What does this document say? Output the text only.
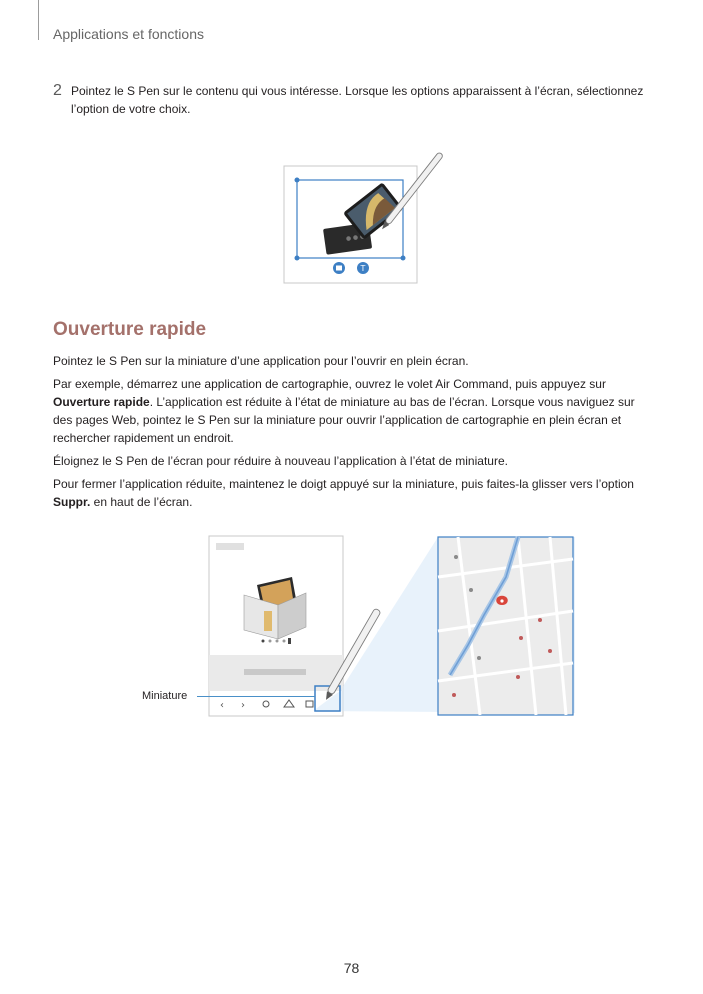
Applications et fonctions
2 Pointez le S Pen sur le contenu qui vous intéresse. Lorsque les options apparaissent à l’écran, sélectionnez l’option de votre choix.
T
Ouverture rapide

Pointez le S Pen sur la miniature d’une application pour l’ouvrir en plein écran.

Par exemple, démarrez une application de cartographie, ouvrez le volet Air Command, puis appuyez sur Ouverture rapide. L’application est réduite à l’état de miniature au bas de l’écran. Lorsque vous naviguez sur des pages Web, pointez le S Pen sur la miniature pour ouvrir l’application de cartographie en plein écran et rechercher rapidement un endroit.

Éloignez le S Pen de l’écran pour réduire à nouveau l’application à l’état de miniature.

Pour fermer l’application réduite, maintenez le doigt appuyé sur la miniature, puis faites-la glisser vers l’option Suppr. en haut de l’écran.

‹ ›
Miniature
78
